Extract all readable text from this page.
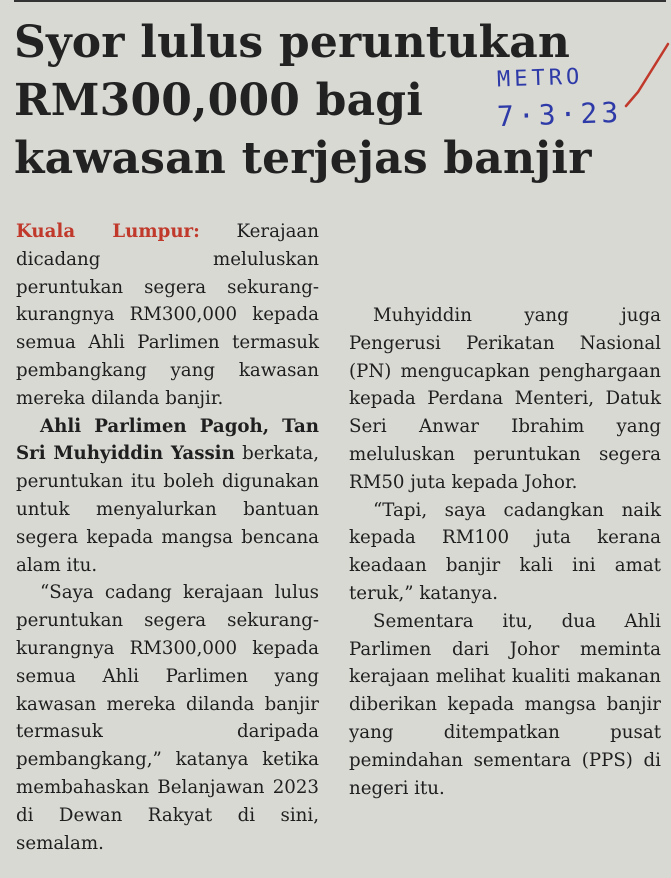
Syor lulus peruntukan
RM300,000 bagi
kawasan terjejas banjir
METRO
7·3·23

Kuala Lumpur: Kerajaan dicadang meluluskan peruntukan segera sekurang-kurangnya RM300,000 kepada semua Ahli Parlimen termasuk pembangkang yang kawasan mereka dilanda banjir.

Ahli Parlimen Pagoh, Tan Sri Muhyiddin Yassin berkata, peruntukan itu boleh digunakan untuk menyalurkan bantuan segera kepada mangsa bencana alam itu.

“Saya cadang kerajaan lulus peruntukan segera sekurang-kurangnya RM300,000 kepada semua Ahli Parlimen yang kawasan mereka dilanda banjir termasuk daripada pembangkang,” katanya ketika membahaskan Belanjawan 2023 di Dewan Rakyat di sini, semalam.

Muhyiddin yang juga Pengerusi Perikatan Nasional (PN) mengucapkan penghargaan kepada Perdana Menteri, Datuk Seri Anwar Ibrahim yang meluluskan peruntukan segera RM50 juta kepada Johor.

“Tapi, saya cadangkan naik kepada RM100 juta kerana keadaan banjir kali ini amat teruk,” katanya.

Sementara itu, dua Ahli Parlimen dari Johor meminta kerajaan melihat kualiti makanan diberikan kepada mangsa banjir yang ditempatkan pusat pemindahan sementara (PPS) di negeri itu.
